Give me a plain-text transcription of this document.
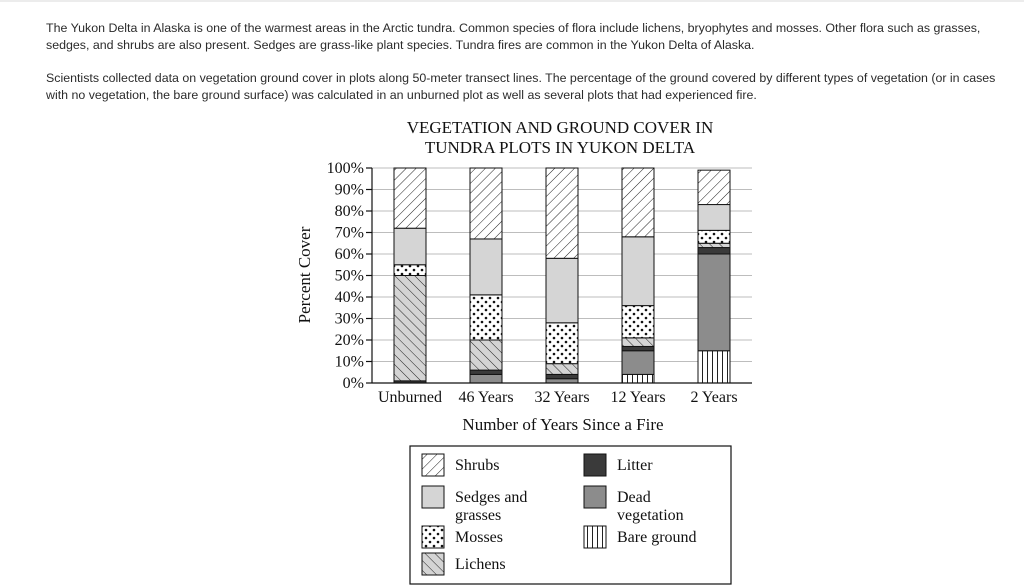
The Yukon Delta in Alaska is one of the warmest areas in the Arctic tundra. Common species of flora include lichens, bryophytes and mosses. Other flora such as grasses, sedges, and shrubs are also present. Sedges are grass-like plant species. Tundra fires are common in the Yukon Delta of Alaska.

Scientists collected data on vegetation ground cover in plots along 50-meter transect lines. The percentage of the ground covered by different types of vegetation (or in cases with no vegetation, the bare ground surface) was calculated in an unburned plot as well as several plots that had experienced fire.

VEGETATION AND GROUND COVER IN
TUNDRA PLOTS IN YUKON DELTA
0%
10%
20%
30%
40%
50%
60%
70%
80%
90%
100%
Unburned 46 Years 32 Years 12 Years 2 Years
Percent Cover
Number of Years Since a Fire
Shrubs
Sedges and
grasses
Mosses
Lichens
Litter
Dead
vegetation
Bare ground
